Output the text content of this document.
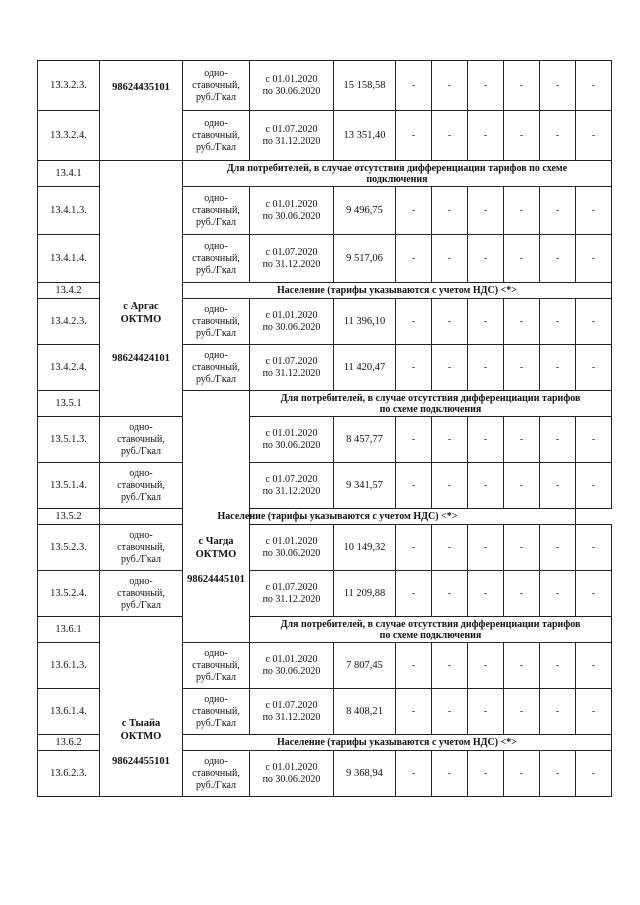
13.3.2.3.	98624435101	одно-
ставочный,
руб./Гкал	с 01.01.2020
по 30.06.2020	15 158,58	-	-	-	-	-	-
13.3.2.4.		одно-
ставочный,
руб./Гкал	с 01.07.2020
по 31.12.2020	13 351,40	-	-	-	-	-	-
13.4.1	с Аргас
ОКТМО
98624424101	Для потребителей, в случае отсутствия дифференциации тарифов по схеме подключения								
13.4.1.3.		одно-
ставочный,
руб./Гкал	с 01.01.2020
по 30.06.2020	9 496,75	-	-	-	-	-	-
13.4.1.4.		одно-
ставочный,
руб./Гкал	с 01.07.2020
по 31.12.2020	9 517,06	-	-	-	-	-	-
13.4.2		Население (тарифы указываются с учетом НДС) <*>								
13.4.2.3.		одно-
ставочный,
руб./Гкал	с 01.01.2020
по 30.06.2020	11 396,10	-	-	-	-	-	-
13.4.2.4.		одно-
ставочный,
руб./Гкал	с 01.07.2020
по 31.12.2020	11 420,47	-	-	-	-	-	-
13.5.1		с Чагда
ОКТМО
98624445101	Для потребителей, в случае отсутствия дифференциации тарифов по схеме подключения							
13.5.1.3.	одно-
ставочный,
руб./Гкал		с 01.01.2020
по 30.06.2020	8 457,77	-	-	-	-	-	-
13.5.1.4.	одно-
ставочный,
руб./Гкал		с 01.07.2020
по 31.12.2020	9 341,57	-	-	-	-	-	-
13.5.2	Население (тарифы указываются с учетом НДС) <*>									
13.5.2.3.	одно-
ставочный,
руб./Гкал		с 01.01.2020
по 30.06.2020	10 149,32	-	-	-	-	-	-
13.5.2.4.	одно-
ставочный,
руб./Гкал		с 01.07.2020
по 31.12.2020	11 209,88	-	-	-	-	-	-
13.6.1	с Тыайа
ОКТМО
98624455101		Для потребителей, в случае отсутствия дифференциации тарифов по схеме подключения							
13.6.1.3.		одно-
ставочный,
руб./Гкал	с 01.01.2020
по 30.06.2020	7 807,45	-	-	-	-	-	-
13.6.1.4.		одно-
ставочный,
руб./Гкал	с 01.07.2020
по 31.12.2020	8 408,21	-	-	-	-	-	-
13.6.2		Население (тарифы указываются с учетом НДС) <*>								
13.6.2.3.		одно-
ставочный,
руб./Гкал	с 01.01.2020
по 30.06.2020	9 368,94	-	-	-	-	-	-
